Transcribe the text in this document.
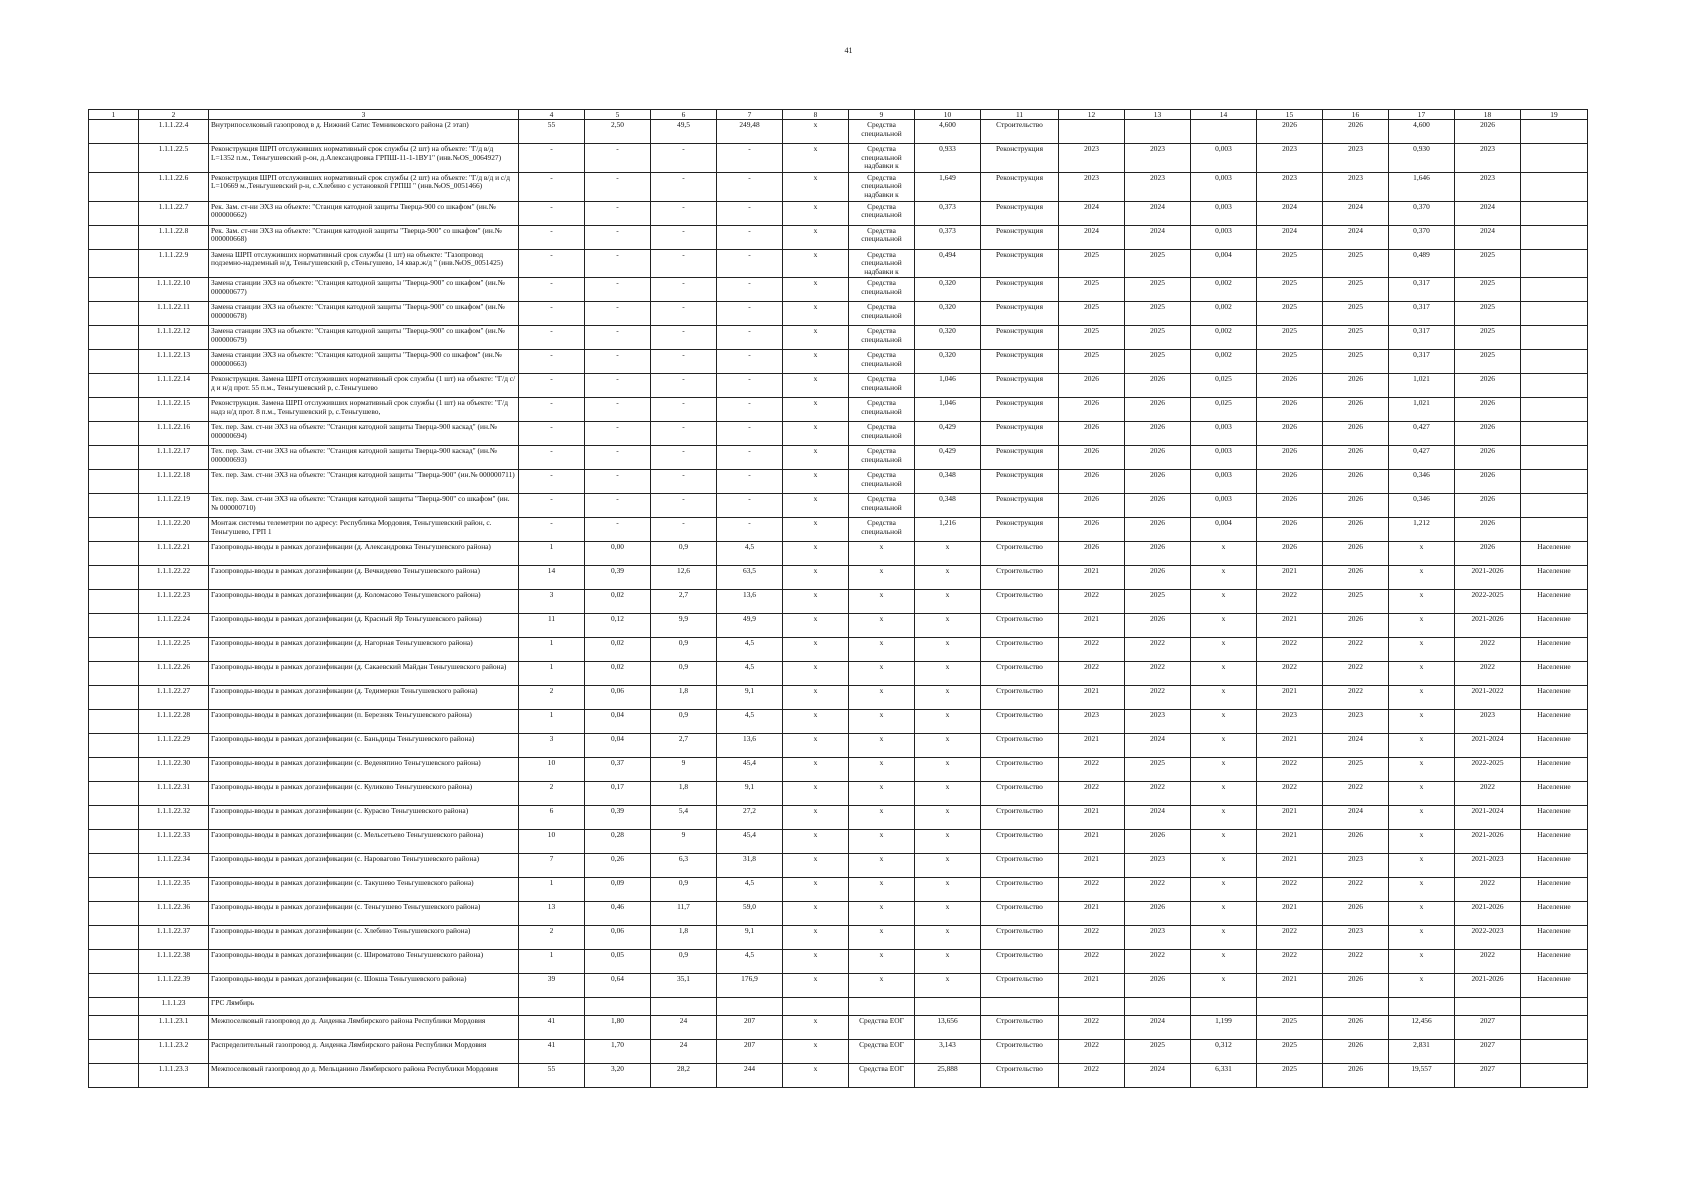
41
1	2	3	4	5	6	7	8	9	10	11	12	13	14	15	16	17	18	19
	1.1.1.22.4	Внутрипоселковый газопровод в д. Нижний Сатис Темниковского района (2 этап)	55	2,50	49,5	249,48	х	Средства специальной	4,600	Строительство				2026	2026	4,600	2026	
	1.1.1.22.5	Реконструкция ШРП отслуживших нормативный срок службы (2 шт) на объекте: "Г/д в/д L=1352 п.м., Теньгушевский р-он, д.Александровка ГРПШ-11-1-1ВУ1" (инв.№OS_0064927)	-	-	-	-	х	Средства специальной надбавки к	0,933	Реконструкция	2023	2023	0,003	2023	2023	0,930	2023	
	1.1.1.22.6	Реконструкция ШРП отслуживших нормативный срок службы (2 шт) на объекте: "Г/д в/д и с/д L=10669 м.,Теньгушевский р-н, с.Хлебино с установкой ГРПШ " (инв.№OS_0051466)	-	-	-	-	х	Средства специальной надбавки к	1,649	Реконструкция	2023	2023	0,003	2023	2023	1,646	2023	
	1.1.1.22.7	Рек. Зам. ст-ни ЭХЗ на объекте: "Станция катодной защиты Тверца-900 со шкафом" (ин.№ 000000662)	-	-	-	-	х	Средства специальной	0,373	Реконструкция	2024	2024	0,003	2024	2024	0,370	2024	
	1.1.1.22.8	Рек. Зам. ст-ни ЭХЗ на объекте: "Станция катодной защиты "Тверца-900" со шкафом" (ин.№ 000000668)	-	-	-	-	х	Средства специальной	0,373	Реконструкция	2024	2024	0,003	2024	2024	0,370	2024	
	1.1.1.22.9	Замена ШРП отслуживших нормативный срок службы (1 шт) на объекте: "Газопровод подземно-надземный н/д, Теньгушевский р, сТеньгушево, 14 квар.ж/д " (инв.№OS_0051425)	-	-	-	-	х	Средства специальной надбавки к	0,494	Реконструкция	2025	2025	0,004	2025	2025	0,489	2025	
	1.1.1.22.10	Замена станции ЭХЗ на объекте: "Станция катодной защиты "Тверца-900" со шкафом" (ин.№ 000000677)	-	-	-	-	х	Средства специальной	0,320	Реконструкция	2025	2025	0,002	2025	2025	0,317	2025	
	1.1.1.22.11	Замена станции ЭХЗ на объекте: "Станция катодной защиты "Тверца-900" со шкафом" (ин.№ 000000678)	-	-	-	-	х	Средства специальной	0,320	Реконструкция	2025	2025	0,002	2025	2025	0,317	2025	
	1.1.1.22.12	Замена станции ЭХЗ на объекте: "Станция катодной защиты "Тверца-900" со шкафом" (ин.№ 000000679)	-	-	-	-	х	Средства специальной	0,320	Реконструкция	2025	2025	0,002	2025	2025	0,317	2025	
	1.1.1.22.13	Замена станции ЭХЗ на объекте: "Станция катодной защиты "Тверца-900 со шкафом" (ин.№ 000000663)	-	-	-	-	х	Средства специальной	0,320	Реконструкция	2025	2025	0,002	2025	2025	0,317	2025	
	1.1.1.22.14	Реконструкция. Замена ШРП отслуживших нормативный срок службы (1 шт) на объекте: "Г/д с/д и н/д прот. 55 п.м., Теньгушевский р, с.Теньгушево	-	-	-	-	х	Средства специальной	1,046	Реконструкция	2026	2026	0,025	2026	2026	1,021	2026	
	1.1.1.22.15	Реконструкция. Замена ШРП отслуживших нормативный срок службы (1 шт) на объекте: "Г/д надз н/д прот. 8 п.м., Теньгушевский р, с.Теньгушево,	-	-	-	-	х	Средства специальной	1,046	Реконструкция	2026	2026	0,025	2026	2026	1,021	2026	
	1.1.1.22.16	Тех. пер. Зам. ст-ни ЭХЗ на объекте: "Станция катодной защиты Тверца-900 каскад" (ин.№ 000000694)	-	-	-	-	х	Средства специальной	0,429	Реконструкция	2026	2026	0,003	2026	2026	0,427	2026	
	1.1.1.22.17	Тех. пер. Зам. ст-ни ЭХЗ на объекте: "Станция катодной защиты Тверца-900 каскад" (ин.№ 000000693)	-	-	-	-	х	Средства специальной	0,429	Реконструкция	2026	2026	0,003	2026	2026	0,427	2026	
	1.1.1.22.18	Тех. пер. Зам. ст-ни ЭХЗ на объекте: "Станция катодной защиты "Тверца-900" (ин.№ 000000711)	-	-	-	-	х	Средства специальной	0,348	Реконструкция	2026	2026	0,003	2026	2026	0,346	2026	
	1.1.1.22.19	Тех. пер. Зам. ст-ни ЭХЗ на объекте: "Станция катодной защиты "Тверца-900" со шкафом" (ин.№ 000000710)	-	-	-	-	х	Средства специальной	0,348	Реконструкция	2026	2026	0,003	2026	2026	0,346	2026	
	1.1.1.22.20	Монтаж системы телеметрии по адресу: Республика Мордовия, Теньгушевский район, с. Теньгушево, ГРП 1	-	-	-	-	х	Средства специальной	1,216	Реконструкция	2026	2026	0,004	2026	2026	1,212	2026	
	1.1.1.22.21	Газопроводы-вводы в рамках догазификации (д. Александровка Теньгушевского района)	1	0,00	0,9	4,5	х	х	х	Строительство	2026	2026	х	2026	2026	х	2026	Население
	1.1.1.22.22	Газопроводы-вводы в рамках догазификации (д. Вечкидеево Теньгушевского района)	14	0,39	12,6	63,5	х	х	х	Строительство	2021	2026	х	2021	2026	х	2021-2026	Население
	1.1.1.22.23	Газопроводы-вводы в рамках догазификации (д. Коломасово Теньгушевского района)	3	0,02	2,7	13,6	х	х	х	Строительство	2022	2025	х	2022	2025	х	2022-2025	Население
	1.1.1.22.24	Газопроводы-вводы в рамках догазификации (д. Красный Яр Теньгушевского района)	11	0,12	9,9	49,9	х	х	х	Строительство	2021	2026	х	2021	2026	х	2021-2026	Население
	1.1.1.22.25	Газопроводы-вводы в рамках догазификации (д. Нагорная Теньгушевского района)	1	0,02	0,9	4,5	х	х	х	Строительство	2022	2022	х	2022	2022	х	2022	Население
	1.1.1.22.26	Газопроводы-вводы в рамках догазификации (д. Сакаевский Майдан Теньгушевского района)	1	0,02	0,9	4,5	х	х	х	Строительство	2022	2022	х	2022	2022	х	2022	Население
	1.1.1.22.27	Газопроводы-вводы в рамках догазификации (д. Тедимерки Теньгушевского района)	2	0,06	1,8	9,1	х	х	х	Строительство	2021	2022	х	2021	2022	х	2021-2022	Население
	1.1.1.22.28	Газопроводы-вводы в рамках догазификации (п. Березняк Теньгушевского района)	1	0,04	0,9	4,5	х	х	х	Строительство	2023	2023	х	2023	2023	х	2023	Население
	1.1.1.22.29	Газопроводы-вводы в рамках догазификации (с. Баньдицы Теньгушевского района)	3	0,04	2,7	13,6	х	х	х	Строительство	2021	2024	х	2021	2024	х	2021-2024	Население
	1.1.1.22.30	Газопроводы-вводы в рамках догазификации (с. Веденяпино Теньгушевского района)	10	0,37	9	45,4	х	х	х	Строительство	2022	2025	х	2022	2025	х	2022-2025	Население
	1.1.1.22.31	Газопроводы-вводы в рамках догазификации (с. Куликово Теньгушевского района)	2	0,17	1,8	9,1	х	х	х	Строительство	2022	2022	х	2022	2022	х	2022	Население
	1.1.1.22.32	Газопроводы-вводы в рамках догазификации (с. Курасво Теньгушевского района)	6	0,39	5,4	27,2	х	х	х	Строительство	2021	2024	х	2021	2024	х	2021-2024	Население
	1.1.1.22.33	Газопроводы-вводы в рамках догазификации (с. Мельсетьево Теньгушевского района)	10	0,28	9	45,4	х	х	х	Строительство	2021	2026	х	2021	2026	х	2021-2026	Население
	1.1.1.22.34	Газопроводы-вводы в рамках догазификации (с. Наровагово Теньгушевского района)	7	0,26	6,3	31,8	х	х	х	Строительство	2021	2023	х	2021	2023	х	2021-2023	Население
	1.1.1.22.35	Газопроводы-вводы в рамках догазификации (с. Такушево Теньгушевского района)	1	0,09	0,9	4,5	х	х	х	Строительство	2022	2022	х	2022	2022	х	2022	Население
	1.1.1.22.36	Газопроводы-вводы в рамках догазификации (с. Теньгушево Теньгушевского района)	13	0,46	11,7	59,0	х	х	х	Строительство	2021	2026	х	2021	2026	х	2021-2026	Население
	1.1.1.22.37	Газопроводы-вводы в рамках догазификации (с. Хлебино Теньгушевского района)	2	0,06	1,8	9,1	х	х	х	Строительство	2022	2023	х	2022	2023	х	2022-2023	Население
	1.1.1.22.38	Газопроводы-вводы в рамках догазификации (с. Широматово Теньгушевского района)	1	0,05	0,9	4,5	х	х	х	Строительство	2022	2022	х	2022	2022	х	2022	Население
	1.1.1.22.39	Газопроводы-вводы в рамках догазификации (с. Шокша Теньгушевского района)	39	0,64	35,1	176,9	х	х	х	Строительство	2021	2026	х	2021	2026	х	2021-2026	Население
	1.1.1.23	ГРС Лямбирь																
	1.1.1.23.1	Межпоселковый газопровод до д. Аиденка Лямбирского района Республики Мордовия	41	1,80	24	207	х	Средства ЕОГ	13,656	Строительство	2022	2024	1,199	2025	2026	12,456	2027	
	1.1.1.23.2	Распределительный газопровод д. Аиденка Лямбирского района Республики Мордовия	41	1,70	24	207	х	Средства ЕОГ	3,143	Строительство	2022	2025	0,312	2025	2026	2,831	2027	
	1.1.1.23.3	Межпоселковый газопровод до д. Мельцанино Лямбирского района Республики Мордовия	55	3,20	28,2	244	х	Средства ЕОГ	25,888	Строительство	2022	2024	6,331	2025	2026	19,557	2027	
